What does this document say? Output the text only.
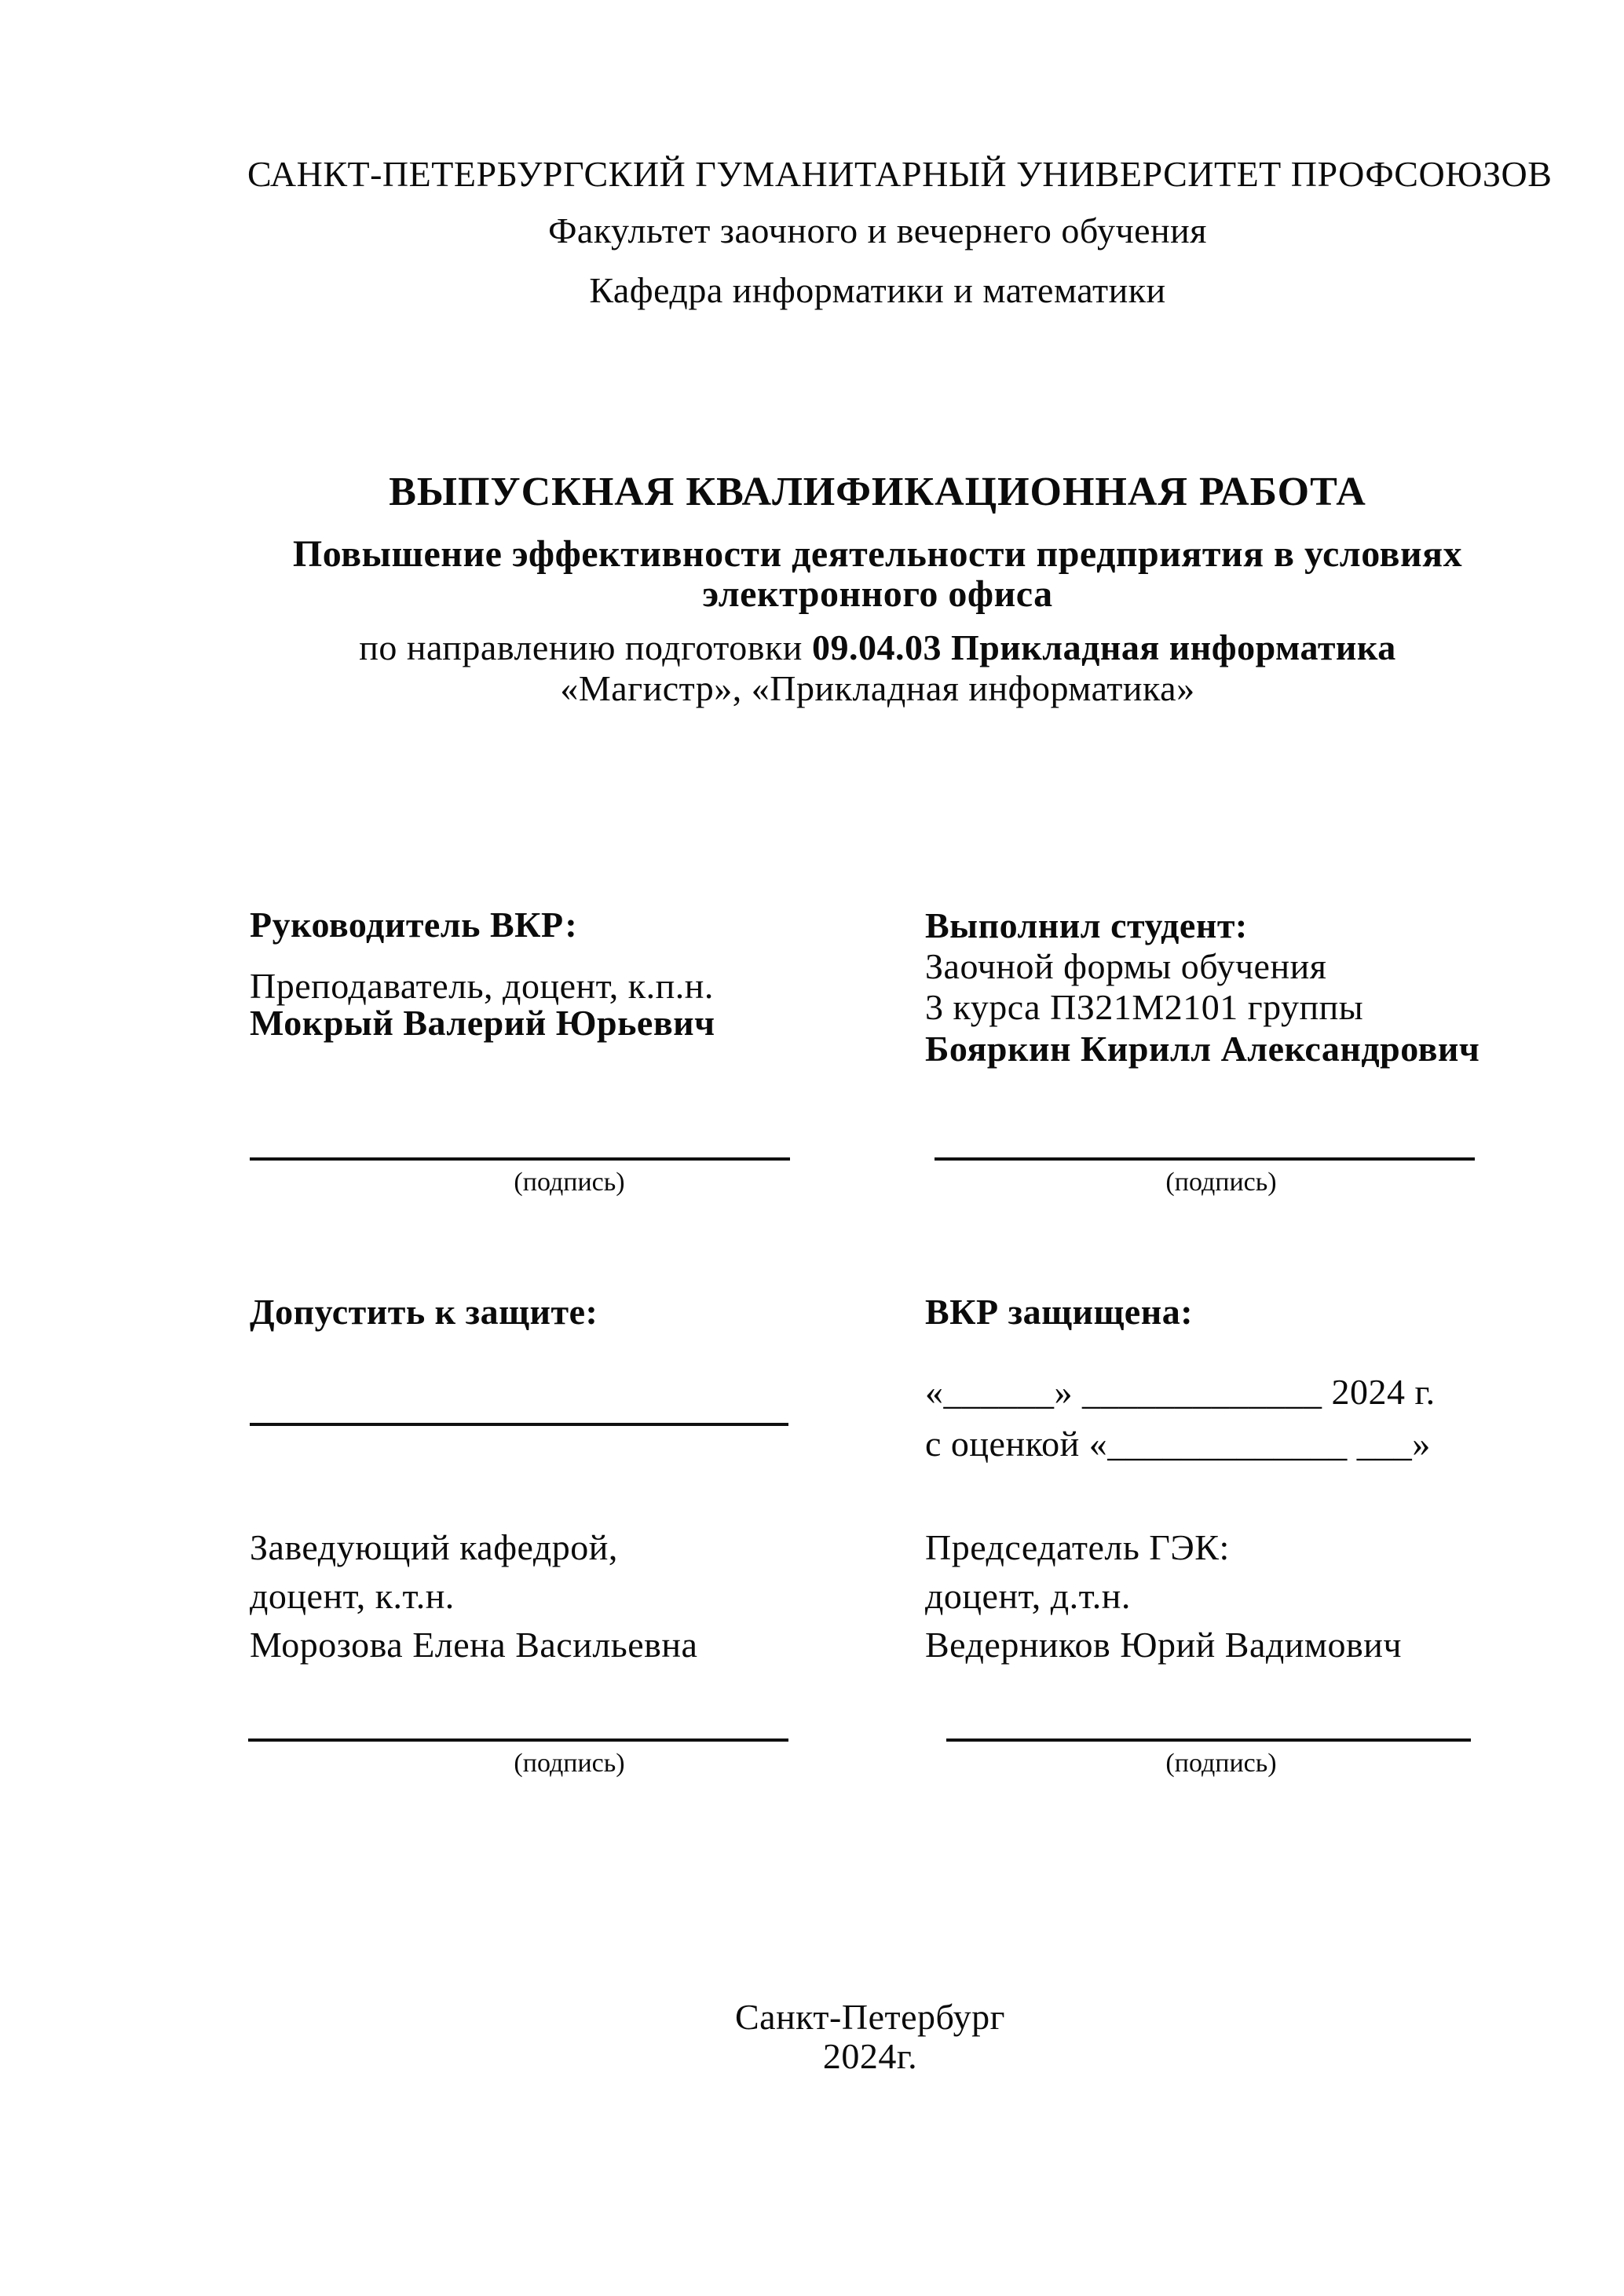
САНКТ-ПЕТЕРБУРГСКИЙ ГУМАНИТАРНЫЙ УНИВЕРСИТЕТ ПРОФСОЮЗОВ
Факультет заочного и вечернего обучения
Кафедра информатики и математики
ВЫПУСКНАЯ КВАЛИФИКАЦИОННАЯ РАБОТА
Повышение эффективности деятельности предприятия в условиях
электронного офиса
по направлению подготовки 09.04.03 Прикладная информатика
«Магистр», «Прикладная информатика»
Руководитель ВКР:
Преподаватель, доцент, к.п.н.
Мокрый Валерий Юрьевич
Выполнил студент:
Заочной формы обучения
3 курса ПЗ21М2101 группы
Бояркин Кирилл Александрович
(подпись)	(подпись)
Допустить к защите:	ВКР защищена:
«______» _____________ 2024 г.
с оценкой «_____________ ___»
Заведующий кафедрой,
доцент, к.т.н.
Морозова Елена Васильевна
Председатель ГЭК:
доцент, д.т.н.
Ведерников Юрий Вадимович
(подпись)	(подпись)
Санкт-Петербург
2024г.
